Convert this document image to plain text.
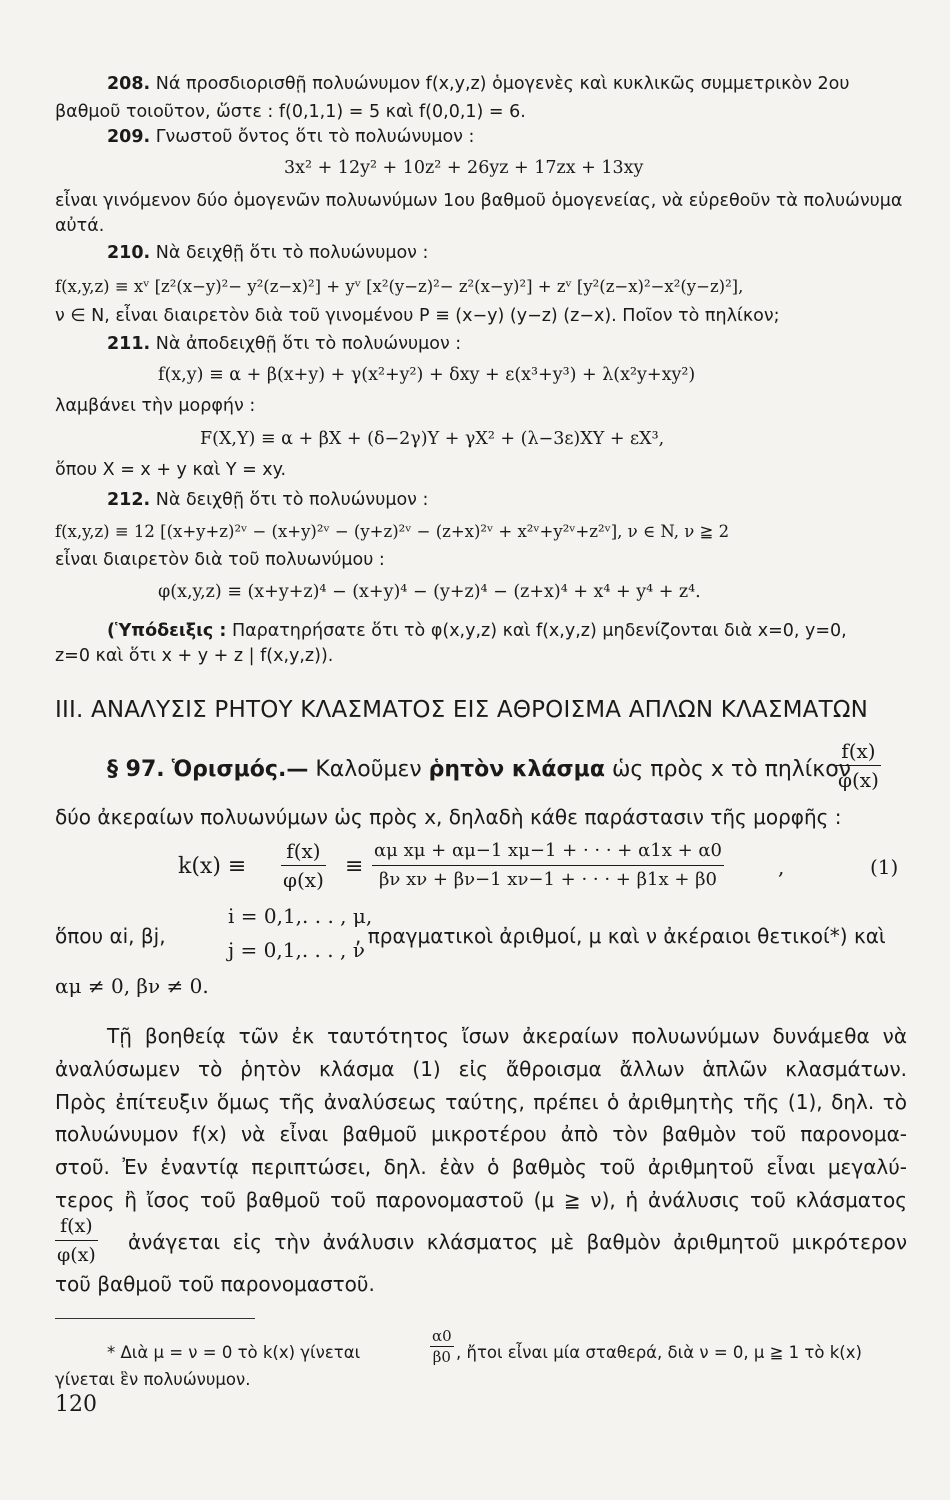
208. Νά προσδιορισθῇ πολυώνυμον f(x,y,z) ὁμογενὲς καὶ κυκλικῶς συμμετρικὸν 2ου
βαθμοῦ τοιοῦτον, ὥστε : f(0,1,1) = 5 καὶ f(0,0,1) = 6.
209. Γνωστοῦ ὄντος ὅτι τὸ πολυώνυμον :
3x² + 12y² + 10z² + 26yz + 17zx + 13xy
εἶναι γινόμενον δύο ὁμογενῶν πολυωνύμων 1ου βαθμοῦ ὁμογενείας, νὰ εὑρεθοῦν τὰ πολυώνυμα
αὐτά.
210. Νὰ δειχθῇ ὅτι τὸ πολυώνυμον :
f(x,y,z) ≡ xᵛ [z²(x−y)²− y²(z−x)²] + yᵛ [x²(y−z)²− z²(x−y)²] + zᵛ [y²(z−x)²−x²(y−z)²],
ν ∈ N, εἶναι διαιρετὸν διὰ τοῦ γινομένου P ≡ (x−y) (y−z) (z−x). Ποῖον τὸ πηλίκον;
211. Νὰ ἀποδειχθῇ ὅτι τὸ πολυώνυμον :
f(x,y) ≡ α + β(x+y) + γ(x²+y²) + δxy + ε(x³+y³) + λ(x²y+xy²)
λαμβάνει τὴν μορφήν :
F(X,Y) ≡ α + βX + (δ−2γ)Y + γX² + (λ−3ε)XY + εX³,
ὅπου X = x + y καὶ Y = xy.
212. Νὰ δειχθῇ ὅτι τὸ πολυώνυμον :
f(x,y,z) ≡ 12 [(x+y+z)²ᵛ − (x+y)²ᵛ − (y+z)²ᵛ − (z+x)²ᵛ + x²ᵛ+y²ᵛ+z²ᵛ], ν ∈ N, ν ≧ 2
εἶναι διαιρετὸν διὰ τοῦ πολυωνύμου :
φ(x,y,z) ≡ (x+y+z)⁴ − (x+y)⁴ − (y+z)⁴ − (z+x)⁴ + x⁴ + y⁴ + z⁴.
(Ὑπόδειξις : Παρατηρήσατε ὅτι τὸ φ(x,y,z) καὶ f(x,y,z) μηδενίζονται διὰ x=0, y=0,
z=0 καὶ ὅτι x + y + z | f(x,y,z)).
III. ΑΝΑΛΥΣΙΣ ΡΗΤΟΥ ΚΛΑΣΜΑΤΟΣ ΕΙΣ ΑΘΡΟΙΣΜΑ ΑΠΛΩΝ ΚΛΑΣΜΑΤΩΝ
§ 97. Ὁρισμός.— Καλοῦμεν ῥητὸν κλάσμα ὡς πρὸς x τὸ πηλίκον
$\frac{f(x)}{\varphi(x)}$
δύο ἀκεραίων πολυωνύμων ὡς πρὸς x, δηλαδὴ κάθε παράστασιν τῆς μορφῆς :
$k(x) \equiv \frac{f(x)}{\varphi(x)} \equiv \frac{\text{αμ xμ + αμ−1 xμ−1 + · · · + α1x + α0}}{\text{βν xν + βν−1 xν−1 + · · · + β1x + β0}}$	,	(1)
ὅπου αi, βj,
i = 0,1,. . . , μ,
j = 0,1,. . . , ν
, πραγματικοὶ ἀριθμοί, μ καὶ ν ἀκέραιοι θετικοί*) καὶ
αμ ≠ 0, βν ≠ 0.
Τῇ βοηθείᾳ τῶν ἐκ ταυτότητος ἴσων ἀκεραίων πολυωνύμων δυνάμεθα νὰ
ἀναλύσωμεν τὸ ῥητὸν κλάσμα (1) εἰς ἄθροισμα ἄλλων ἁπλῶν κλασμάτων.
Πρὸς ἐπίτευξιν ὅμως τῆς ἀναλύσεως ταύτης, πρέπει ὁ ἀριθμητὴς τῆς (1), δηλ. τὸ
πολυώνυμον f(x) νὰ εἶναι βαθμοῦ μικροτέρου ἀπὸ τὸν βαθμὸν τοῦ παρονομα-
στοῦ. Ἐν ἐναντίᾳ περιπτώσει, δηλ. ἐὰν ὁ βαθμὸς τοῦ ἀριθμητοῦ εἶναι μεγαλύ-
τερος ἢ ἴσος τοῦ βαθμοῦ τοῦ παρονομαστοῦ (μ ≧ ν), ἡ ἀνάλυσις τοῦ κλάσματος
$\frac{f(x)}{\varphi(x)}$ ἀνάγεται εἰς τὴν ἀνάλυσιν κλάσματος μὲ βαθμὸν ἀριθμητοῦ μικρότερον
τοῦ βαθμοῦ τοῦ παρονομαστοῦ.
* Διὰ μ = ν = 0 τὸ k(x) γίνεται	$\frac{\alpha 0}{\beta 0}$ , ἤτοι εἶναι μία σταθερά, διὰ ν = 0, μ ≧ 1 τὸ k(x)
γίνεται ἓν πολυώνυμον.
120
